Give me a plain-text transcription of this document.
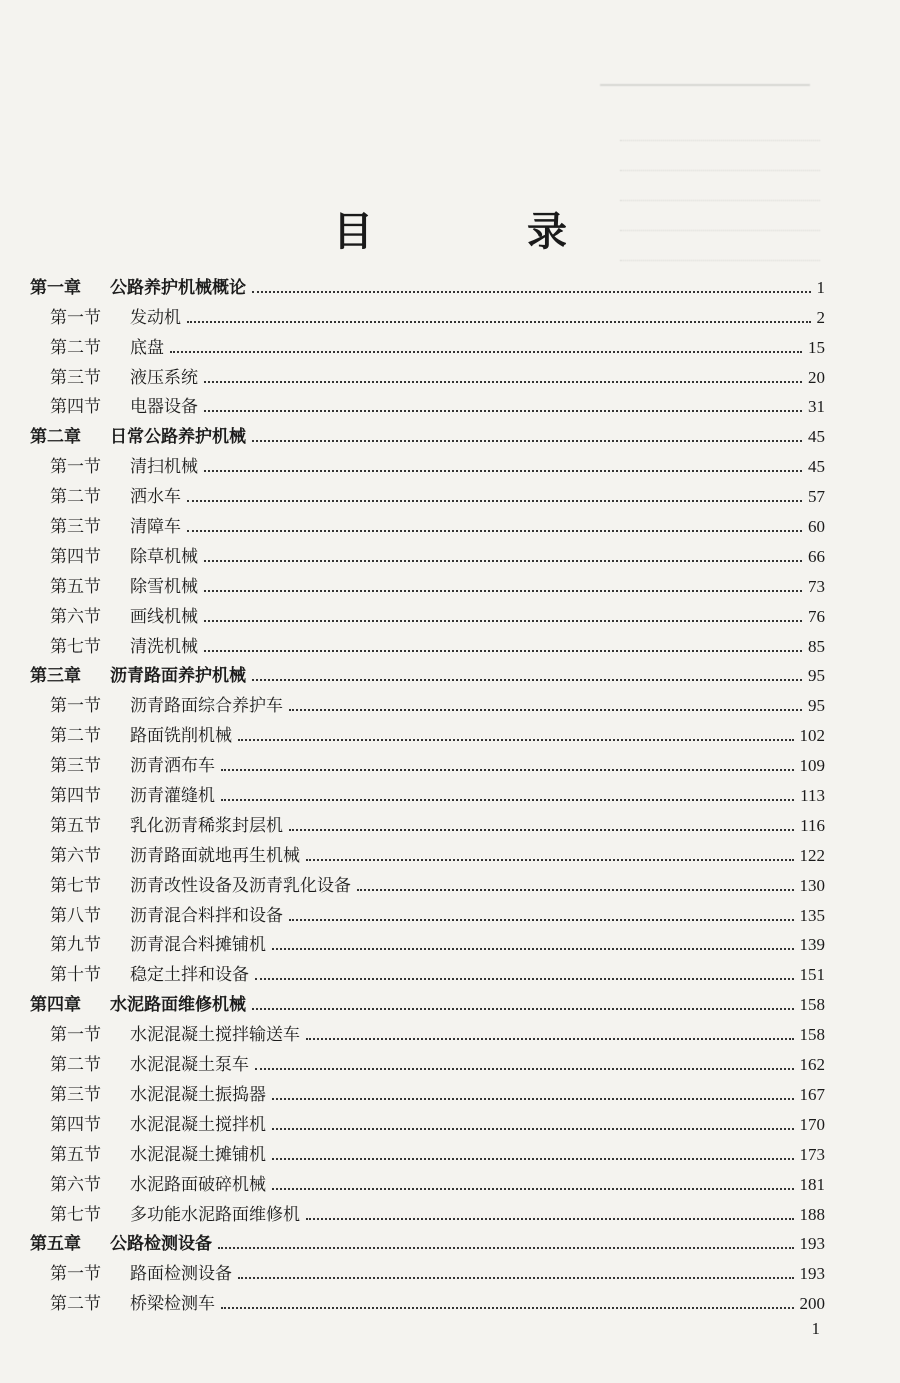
目 录
第一章	公路养护机械概论	1
第一节	发动机	2
第二节	底盘	15
第三节	液压系统	20
第四节	电器设备	31
第二章	日常公路养护机械	45
第一节	清扫机械	45
第二节	洒水车	57
第三节	清障车	60
第四节	除草机械	66
第五节	除雪机械	73
第六节	画线机械	76
第七节	清洗机械	85
第三章	沥青路面养护机械	95
第一节	沥青路面综合养护车	95
第二节	路面铣削机械	102
第三节	沥青洒布车	109
第四节	沥青灌缝机	113
第五节	乳化沥青稀浆封层机	116
第六节	沥青路面就地再生机械	122
第七节	沥青改性设备及沥青乳化设备	130
第八节	沥青混合料拌和设备	135
第九节	沥青混合料摊铺机	139
第十节	稳定土拌和设备	151
第四章	水泥路面维修机械	158
第一节	水泥混凝土搅拌输送车	158
第二节	水泥混凝土泵车	162
第三节	水泥混凝土振捣器	167
第四节	水泥混凝土搅拌机	170
第五节	水泥混凝土摊铺机	173
第六节	水泥路面破碎机械	181
第七节	多功能水泥路面维修机	188
第五章	公路检测设备	193
第一节	路面检测设备	193
第二节	桥梁检测车	200
1
